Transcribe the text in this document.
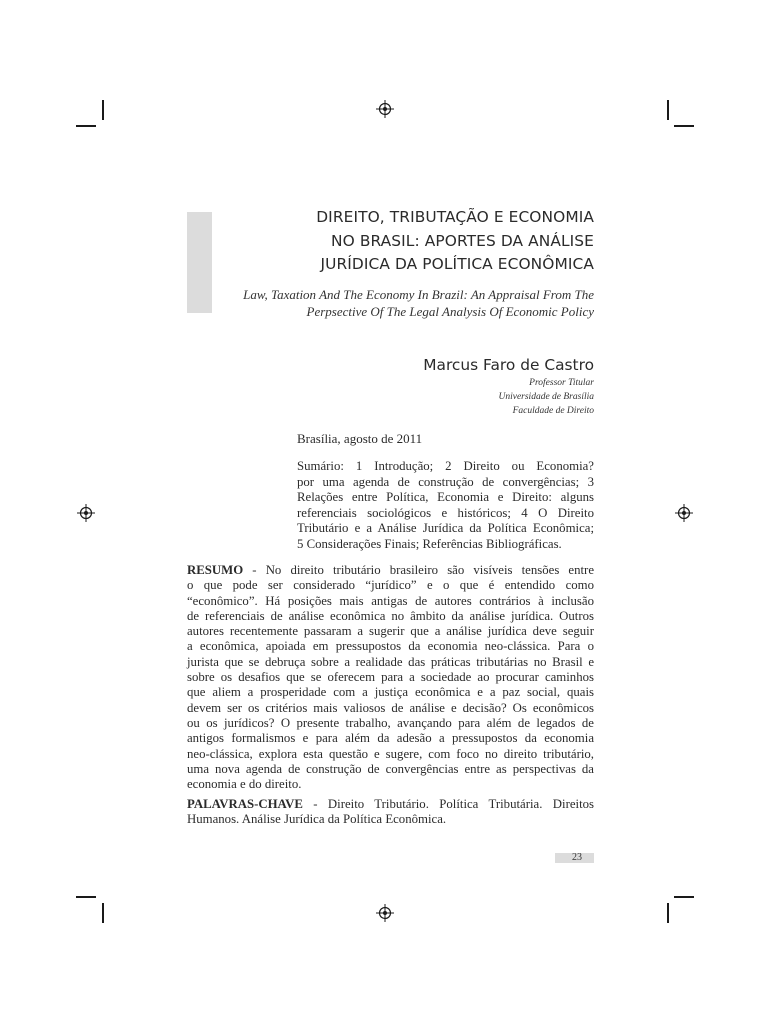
DIREITO, TRIBUTAÇÃO E ECONOMIA
NO BRASIL: APORTES DA ANÁLISE
JURÍDICA DA POLÍTICA ECONÔMICA
Law, Taxation And The Economy In Brazil: An Appraisal From The
Perpsective Of The Legal Analysis Of Economic Policy
Marcus Faro de Castro
Professor Titular
Universidade de Brasília
Faculdade de Direito
Brasília, agosto de 2011
Sumário: 1 Introdução; 2 Direito ou Economia?
por uma agenda de construção de convergências; 3
Relações entre Política, Economia e Direito: alguns
referenciais sociológicos e históricos; 4 O Direito
Tributário e a Análise Jurídica da Política Econômica;
5 Considerações Finais; Referências Bibliográficas.
RESUMO - No direito tributário brasileiro são visíveis tensões entre
o que pode ser considerado “jurídico” e o que é entendido como
“econômico”. Há posições mais antigas de autores contrários à inclusão
de referenciais de análise econômica no âmbito da análise jurídica. Outros
autores recentemente passaram a sugerir que a análise jurídica deve seguir
a econômica, apoiada em pressupostos da economia neo-clássica. Para o
jurista que se debruça sobre a realidade das práticas tributárias no Brasil e
sobre os desafios que se oferecem para a sociedade ao procurar caminhos
que aliem a prosperidade com a justiça econômica e a paz social, quais
devem ser os critérios mais valiosos de análise e decisão? Os econômicos
ou os jurídicos? O presente trabalho, avançando para além de legados de
antigos formalismos e para além da adesão a pressupostos da economia
neo-clássica, explora esta questão e sugere, com foco no direito tributário,
uma nova agenda de construção de convergências entre as perspectivas da
economia e do direito.
PALAVRAS-CHAVE - Direito Tributário. Política Tributária. Direitos
Humanos. Análise Jurídica da Política Econômica.
23
